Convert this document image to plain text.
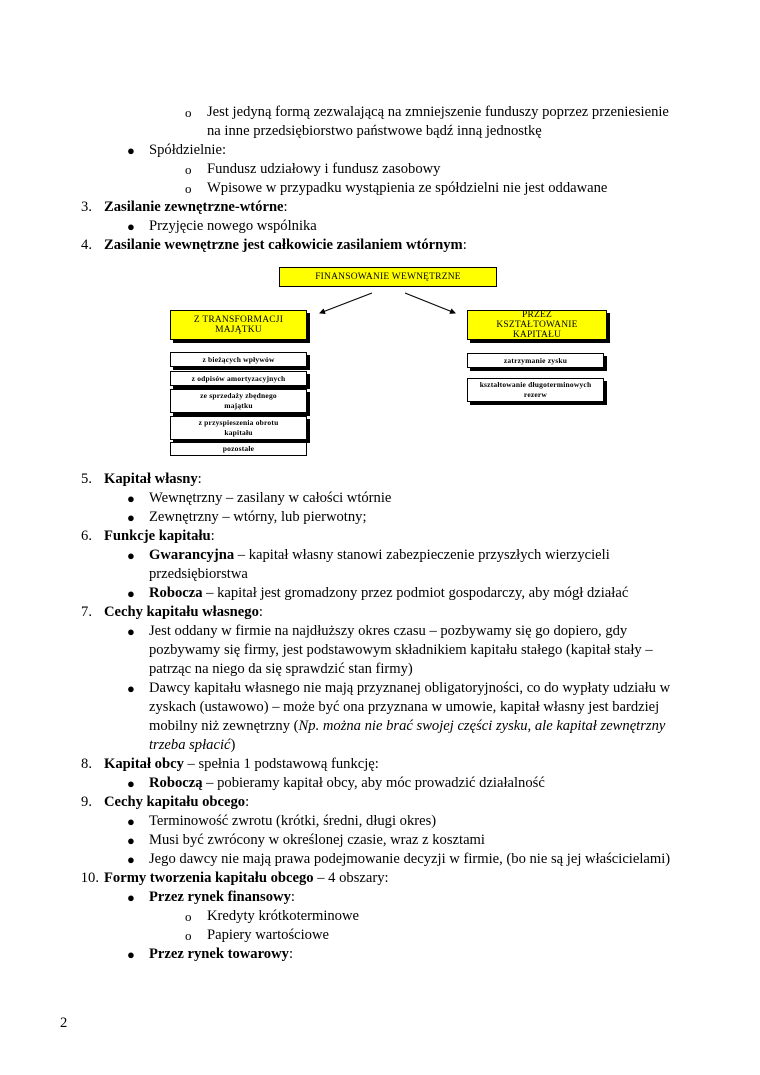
o Jest jedyną formą zezwalającą na zmniejszenie funduszy poprzez przeniesienie
na inne przedsiębiorstwo państwowe bądź inną jednostkę
● Spółdzielnie:
o Fundusz udziałowy i fundusz zasobowy
o Wpisowe w przypadku wystąpienia ze spółdzielni nie jest oddawane
3. Zasilanie zewnętrzne-wtórne:
● Przyjęcie nowego wspólnika
4. Zasilanie wewnętrzne jest całkowicie zasilaniem wtórnym:
FINANSOWANIE WEWNĘTRZNE
Z TRANSFORMACJI MAJĄTKU
PRZEZ KSZTAŁTOWANIE KAPITAŁU
z bieżących wpływów
z odpisów amortyzacyjnych
ze sprzedaży zbędnego majątku
z przyspieszenia obrotu kapitału
pozostałe
zatrzymanie zysku
kształtowanie długoterminowych rezerw
5. Kapitał własny:
● Wewnętrzny – zasilany w całości wtórnie
● Zewnętrzny – wtórny, lub pierwotny;
6. Funkcje kapitału:
● Gwarancyjna – kapitał własny stanowi zabezpieczenie przyszłych wierzycieli
przedsiębiorstwa
● Robocza – kapitał jest gromadzony przez podmiot gospodarczy, aby mógł działać
7. Cechy kapitału własnego:
● Jest oddany w firmie na najdłuższy okres czasu – pozbywamy się go dopiero, gdy
pozbywamy się firmy, jest podstawowym składnikiem kapitału stałego (kapitał stały –
patrząc na niego da się sprawdzić stan firmy)
● Dawcy kapitału własnego nie mają przyznanej obligatoryjności, co do wypłaty udziału w
zyskach (ustawowo) – może być ona przyznana w umowie, kapitał własny jest bardziej
mobilny niż zewnętrzny (Np. można nie brać swojej części zysku, ale kapitał zewnętrzny
trzeba spłacić)
8. Kapitał obcy – spełnia 1 podstawową funkcję:
● Roboczą – pobieramy kapitał obcy, aby móc prowadzić działalność
9. Cechy kapitału obcego:
● Terminowość zwrotu (krótki, średni, długi okres)
● Musi być zwrócony w określonej czasie, wraz z kosztami
● Jego dawcy nie mają prawa podejmowanie decyzji w firmie, (bo nie są jej właścicielami)
10. Formy tworzenia kapitału obcego – 4 obszary:
● Przez rynek finansowy:
o Kredyty krótkoterminowe
o Papiery wartościowe
● Przez rynek towarowy:
2
